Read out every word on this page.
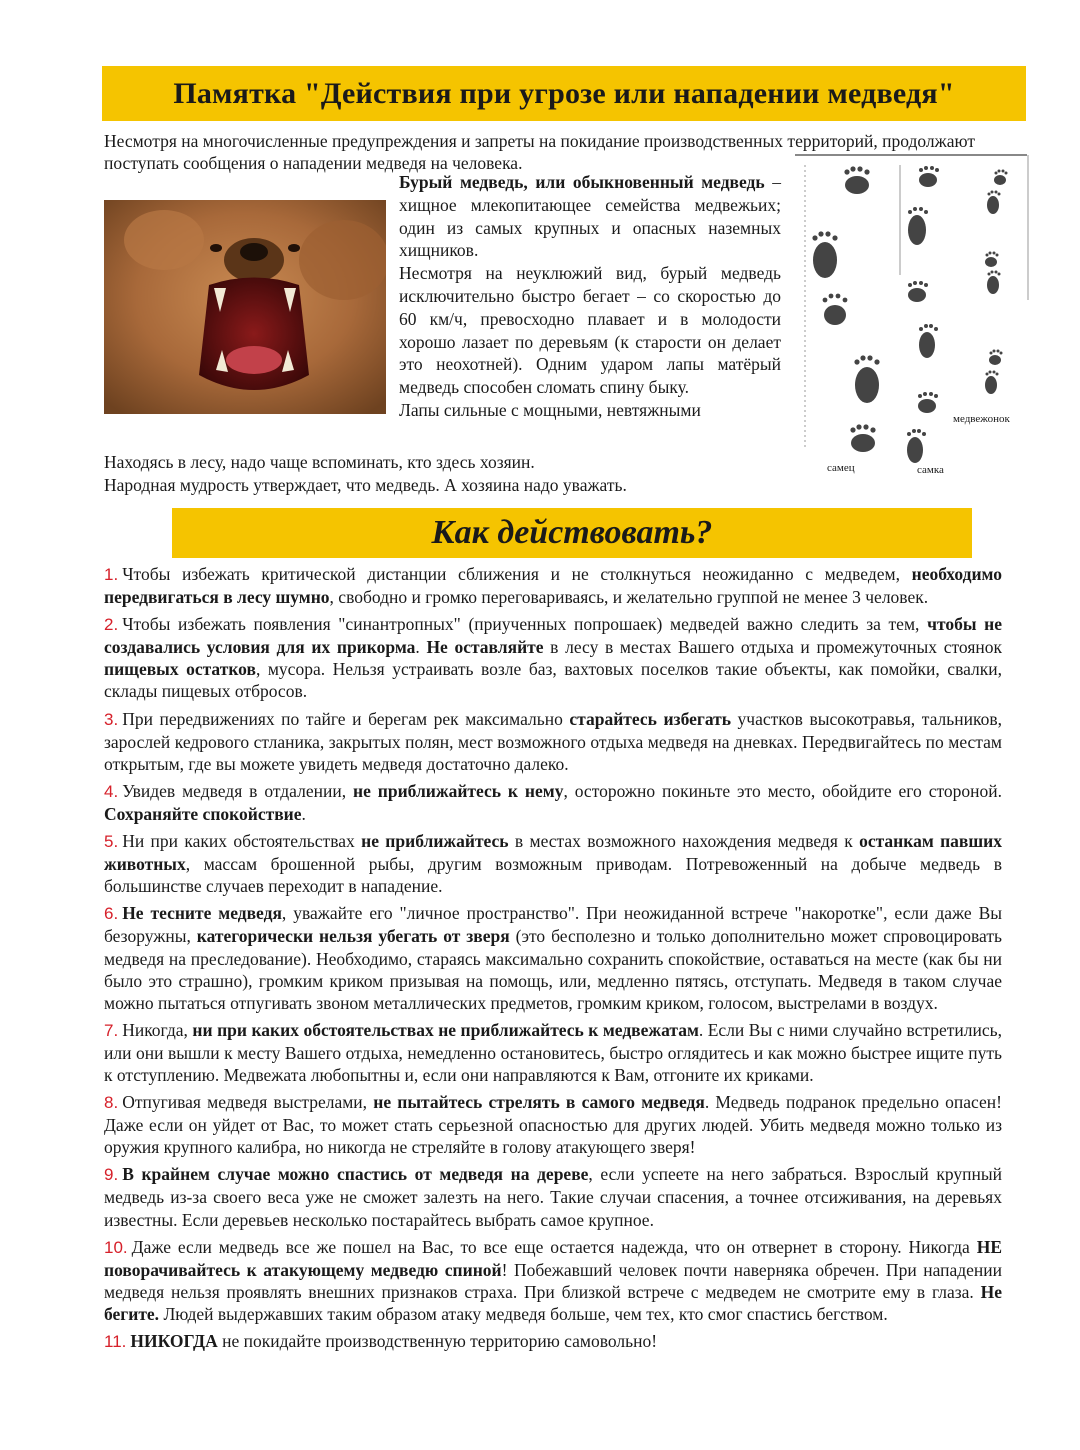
Памятка "Действия при угрозе или нападении медведя"
Несмотря на многочисленные предупреждения и запреты на покидание производственных территорий, продолжают поступать сообщения о нападении медведя на человека.

Бурый медведь, или обыкновенный медведь – хищное млекопитающее семейства медвежьих; один из самых крупных и опасных наземных хищников.

Несмотря на неуклюжий вид, бурый медведь исключительно быстро бегает – со скоростью до 60 км/ч, превосходно плавает и в молодости хорошо лазает по деревьям (к старости он делает это неохотней). Одним ударом лапы матёрый медведь способен сломать спину быку.

Лапы сильные с мощными, невтяжными

Находясь в лесу, надо чаще вспоминать, кто здесь хозяин.

Народная мудрость утверждает, что медведь. А хозяина надо уважать.

самец	самка
медвежонок
Как действовать?

1. Чтобы избежать критической дистанции сближения и не столкнуться неожиданно с медведем, необходимо передвигаться в лесу шумно, свободно и громко переговариваясь, и желательно группой не менее 3 человек.

2. Чтобы избежать появления "синантропных" (приученных попрошаек) медведей важно следить за тем, чтобы не создавались условия для их прикорма. Не оставляйте в лесу в местах Вашего отдыха и промежуточных стоянок пищевых остатков, мусора. Нельзя устраивать возле баз, вахтовых поселков такие объекты, как помойки, свалки, склады пищевых отбросов.

3. При передвижениях по тайге и берегам рек максимально старайтесь избегать участков высокотравья, тальников, зарослей кедрового стланика, закрытых полян, мест возможного отдыха медведя на дневках. Передвигайтесь по местам открытым, где вы можете увидеть медведя достаточно далеко.

4. Увидев медведя в отдалении, не приближайтесь к нему, осторожно покиньте это место, обойдите его стороной. Сохраняйте спокойствие.

5. Ни при каких обстоятельствах не приближайтесь в местах возможного нахождения медведя к останкам павших животных, массам брошенной рыбы, другим возможным приводам. Потревоженный на добыче медведь в большинстве случаев переходит в нападение.

6. Не тесните медведя, уважайте его "личное пространство". При неожиданной встрече "накоротке", если даже Вы безоружны, категорически нельзя убегать от зверя (это бесполезно и только дополнительно может спровоцировать медведя на преследование). Необходимо, стараясь максимально сохранить спокойствие, оставаться на месте (как бы ни было это страшно), громким криком призывая на помощь, или, медленно пятясь, отступать. Медведя в таком случае можно пытаться отпугивать звоном металлических предметов, громким криком, голосом, выстрелами в воздух.

7. Никогда, ни при каких обстоятельствах не приближайтесь к медвежатам. Если Вы с ними случайно встретились, или они вышли к месту Вашего отдыха, немедленно остановитесь, быстро оглядитесь и как можно быстрее ищите путь к отступлению. Медвежата любопытны и, если они направляются к Вам, отгоните их криками.

8. Отпугивая медведя выстрелами, не пытайтесь стрелять в самого медведя. Медведь подранок предельно опасен! Даже если он уйдет от Вас, то может стать серьезной опасностью для других людей. Убить медведя можно только из оружия крупного калибра, но никогда не стреляйте в голову атакующего зверя!

9. В крайнем случае можно спастись от медведя на дереве, если успеете на него забраться. Взрослый крупный медведь из-за своего веса уже не сможет залезть на него. Такие случаи спасения, а точнее отсиживания, на деревьях известны. Если деревьев несколько постарайтесь выбрать самое крупное.

10. Даже если медведь все же пошел на Вас, то все еще остается надежда, что он отвернет в сторону. Никогда НЕ поворачивайтесь к атакующему медведю спиной! Побежавший человек почти наверняка обречен. При нападении медведя нельзя проявлять внешних признаков страха. При близкой встрече с медведем не смотрите ему в глаза. Не бегите. Людей выдержавших таким образом атаку медведя больше, чем тех, кто смог спастись бегством.

11. НИКОГДА не покидайте производственную территорию самовольно!
